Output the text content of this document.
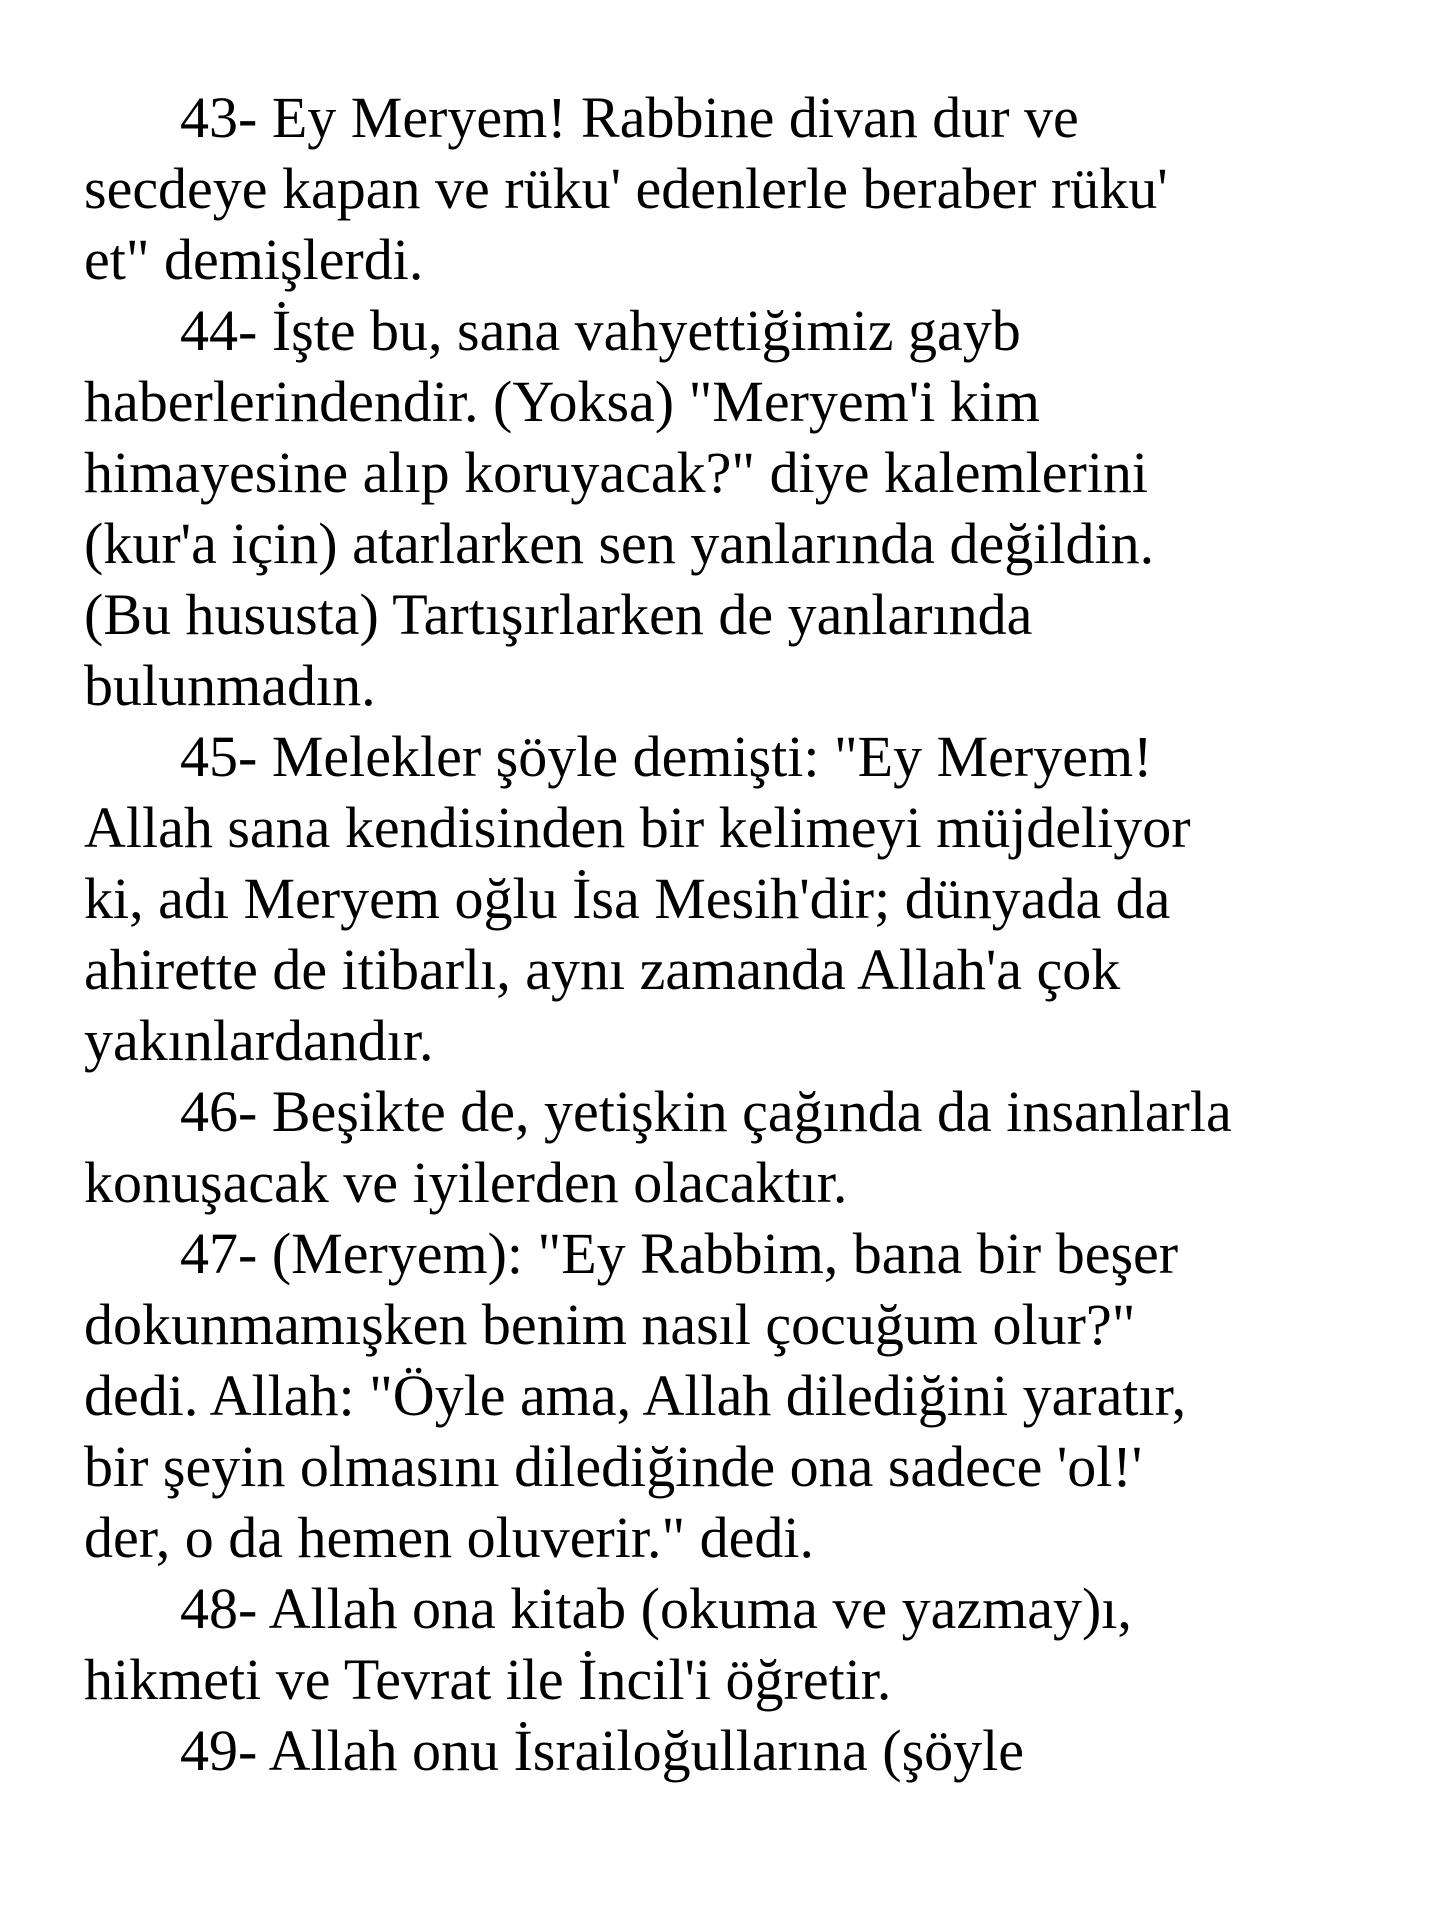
43- Ey Meryem! Rabbine divan dur ve
secdeye kapan ve rüku' edenlerle beraber rüku'
et" demişlerdi.
44- İşte bu, sana vahyettiğimiz gayb
haberlerindendir. (Yoksa) "Meryem'i kim
himayesine alıp koruyacak?" diye kalemlerini
(kur'a için) atarlarken sen yanlarında değildin.
(Bu hususta) Tartışırlarken de yanlarında
bulunmadın.
45- Melekler şöyle demişti: "Ey Meryem!
Allah sana kendisinden bir kelimeyi müjdeliyor
ki, adı Meryem oğlu İsa Mesih'dir; dünyada da
ahirette de itibarlı, aynı zamanda Allah'a çok
yakınlardandır.
46- Beşikte de, yetişkin çağında da insanlarla
konuşacak ve iyilerden olacaktır.
47- (Meryem): "Ey Rabbim, bana bir beşer
dokunmamışken benim nasıl çocuğum olur?"
dedi. Allah: "Öyle ama, Allah dilediğini yaratır,
bir şeyin olmasını dilediğinde ona sadece 'ol!'
der, o da hemen oluverir." dedi.
48- Allah ona kitab (okuma ve yazmay)ı,
hikmeti ve Tevrat ile İncil'i öğretir.
49- Allah onu İsrailoğullarına (şöyle
